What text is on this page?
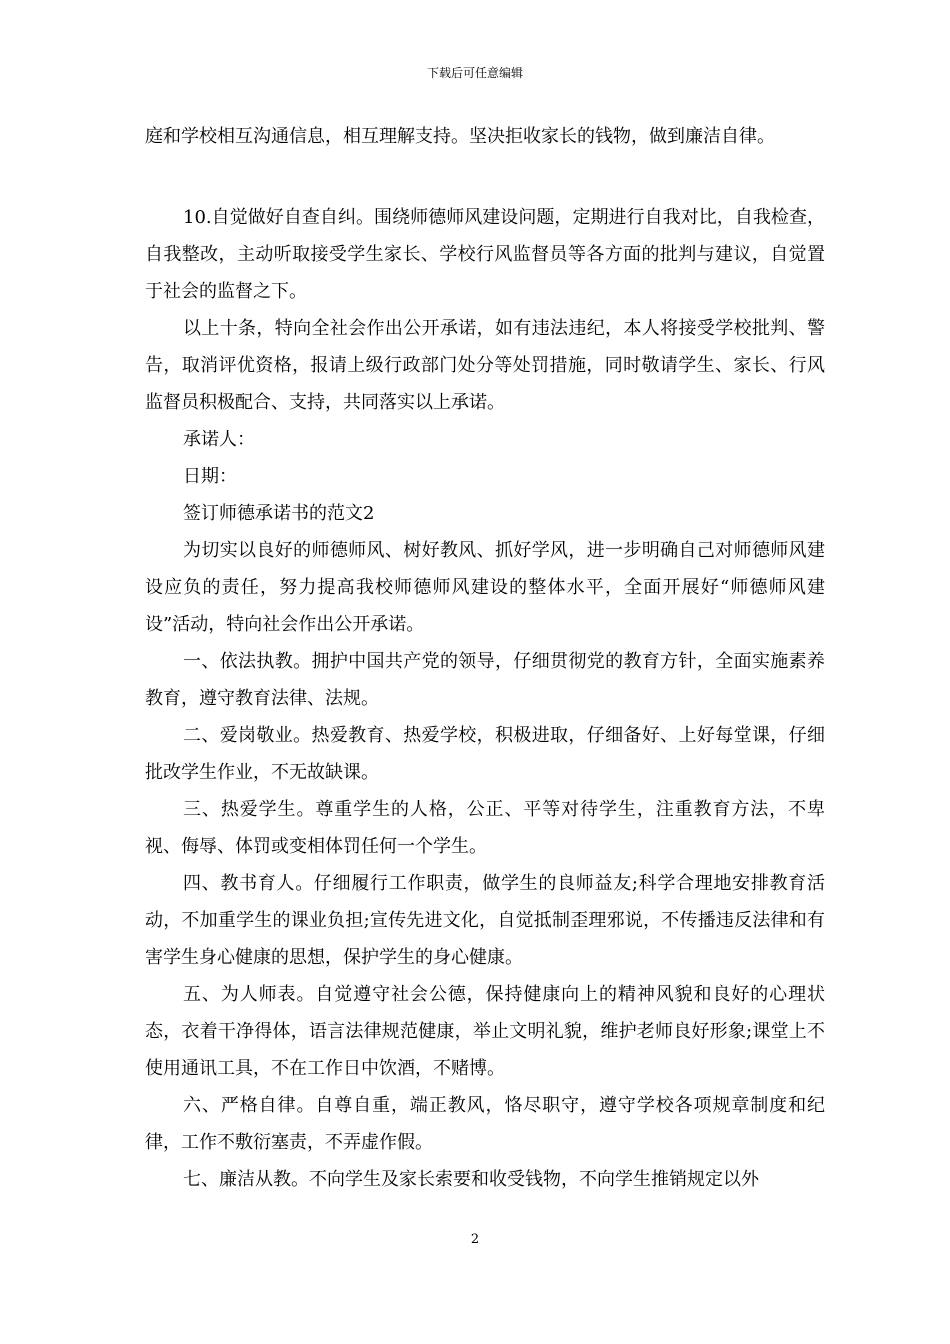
下载后可任意编辑

庭和学校相互沟通信息，相互理解支持。坚决拒收家长的钱物，做到廉洁自律。

10.自觉做好自查自纠。围绕师德师风建设问题，定期进行自我对比，自我检查，自我整改，主动听取接受学生家长、学校行风监督员等各方面的批判与建议，自觉置于社会的监督之下。

以上十条，特向全社会作出公开承诺，如有违法违纪，本人将接受学校批判、警告，取消评优资格，报请上级行政部门处分等处罚措施，同时敬请学生、家长、行风监督员积极配合、支持，共同落实以上承诺。

承诺人：

日期：

签订师德承诺书的范文2

为切实以良好的师德师风、树好教风、抓好学风，进一步明确自己对师德师风建设应负的责任，努力提高我校师德师风建设的整体水平，全面开展好“师德师风建设”活动，特向社会作出公开承诺。

一、依法执教。拥护中国共产党的领导，仔细贯彻党的教育方针，全面实施素养教育，遵守教育法律、法规。

二、爱岗敬业。热爱教育、热爱学校，积极进取，仔细备好、上好每堂课，仔细批改学生作业，不无故缺课。

三、热爱学生。尊重学生的人格，公正、平等对待学生，注重教育方法，不卑视、侮辱、体罚或变相体罚任何一个学生。

四、教书育人。仔细履行工作职责，做学生的良师益友;科学合理地安排教育活动，不加重学生的课业负担;宣传先进文化，自觉抵制歪理邪说，不传播违反法律和有害学生身心健康的思想，保护学生的身心健康。

五、为人师表。自觉遵守社会公德，保持健康向上的精神风貌和良好的心理状态，衣着干净得体，语言法律规范健康，举止文明礼貌，维护老师良好形象;课堂上不使用通讯工具，不在工作日中饮酒，不赌博。

六、严格自律。自尊自重，端正教风，恪尽职守，遵守学校各项规章制度和纪律，工作不敷衍塞责，不弄虚作假。

七、廉洁从教。不向学生及家长索要和收受钱物，不向学生推销规定以外

2
